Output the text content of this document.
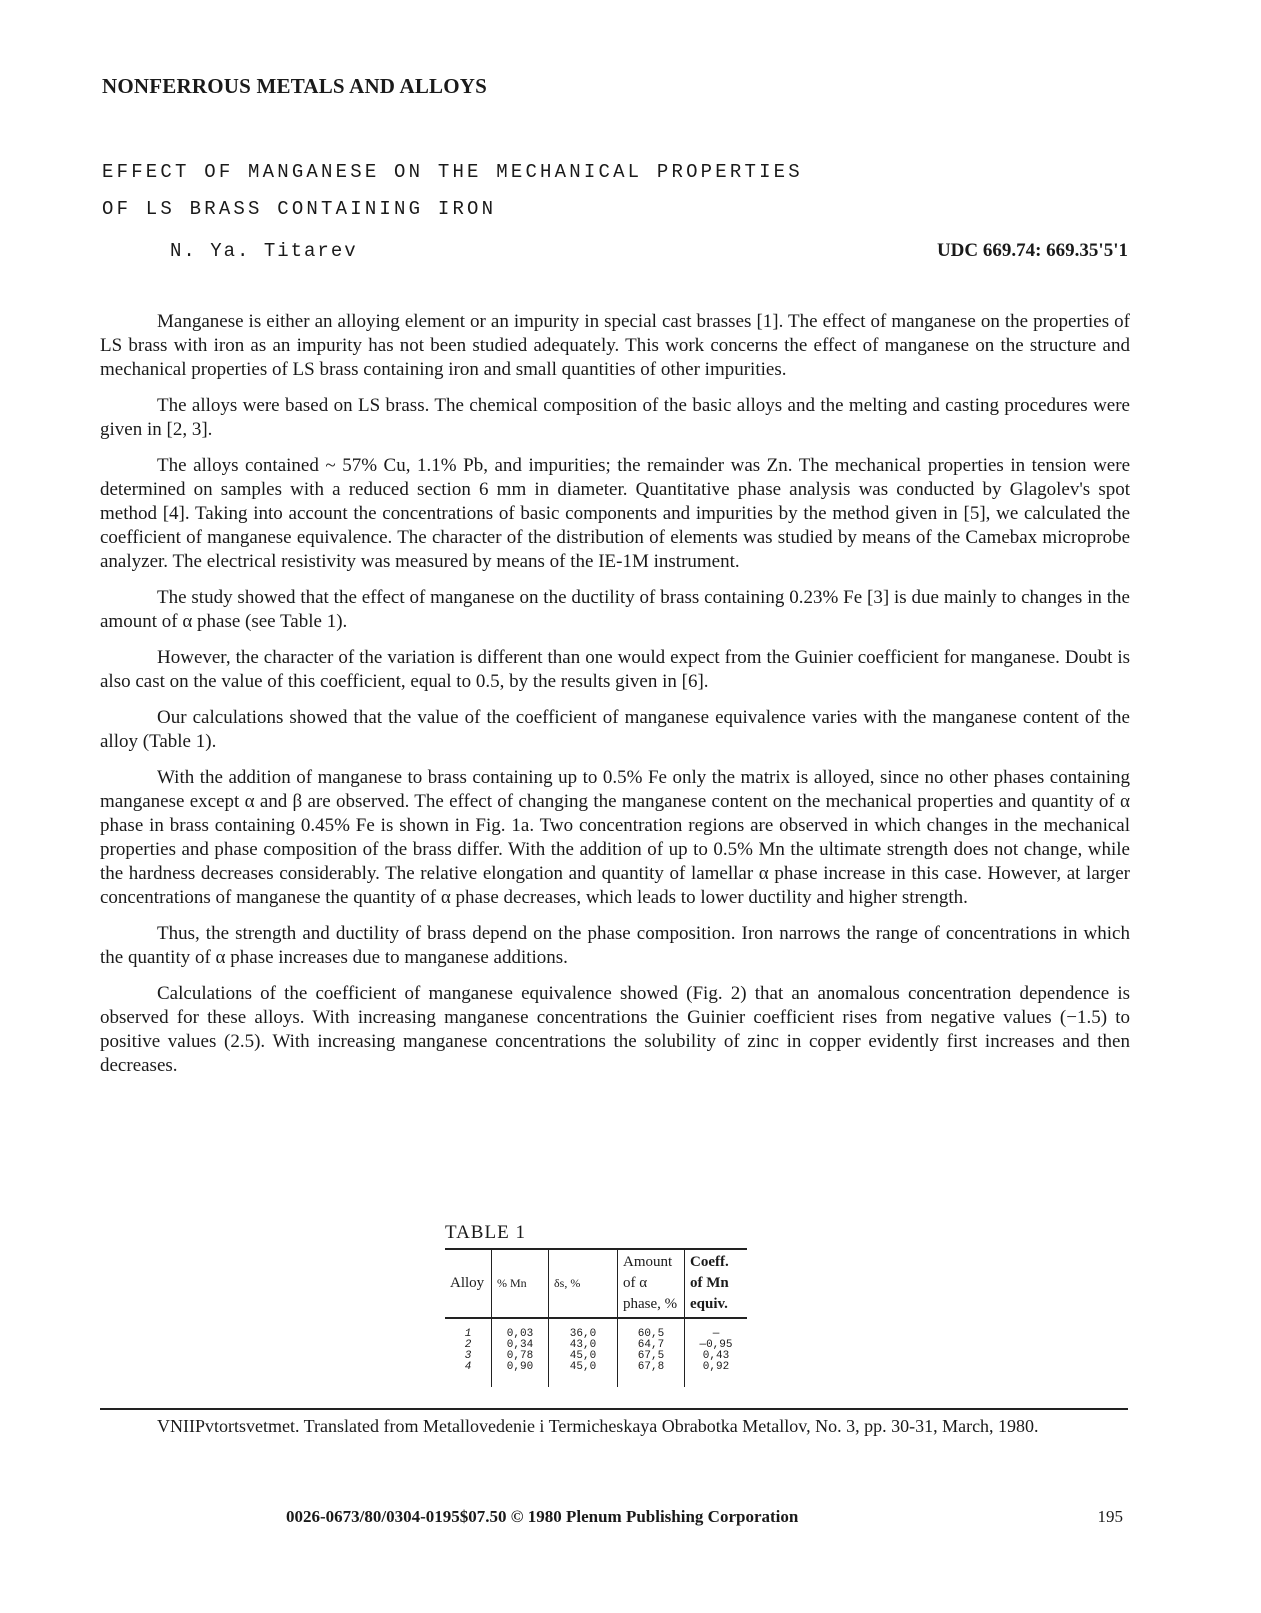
NONFERROUS METALS AND ALLOYS
EFFECT OF MANGANESE ON THE MECHANICAL PROPERTIES
OF LS BRASS CONTAINING IRON
N. Ya. Titarev	UDC 669.74: 669.35'5'1

Manganese is either an alloying element or an impurity in special cast brasses [1]. The effect of manganese on the properties of LS brass with iron as an impurity has not been studied adequately. This work concerns the effect of manganese on the structure and mechanical properties of LS brass containing iron and small quantities of other impurities.

The alloys were based on LS brass. The chemical composition of the basic alloys and the melting and casting procedures were given in [2, 3].

The alloys contained ~ 57% Cu, 1.1% Pb, and impurities; the remainder was Zn. The mechanical properties in tension were determined on samples with a reduced section 6 mm in diameter. Quantitative phase analysis was conducted by Glagolev's spot method [4]. Taking into account the concentrations of basic components and impurities by the method given in [5], we calculated the coefficient of manganese equivalence. The character of the distribution of elements was studied by means of the Camebax microprobe analyzer. The electrical resistivity was measured by means of the IE-1M instrument.

The study showed that the effect of manganese on the ductility of brass containing 0.23% Fe [3] is due mainly to changes in the amount of α phase (see Table 1).

However, the character of the variation is different than one would expect from the Guinier coefficient for manganese. Doubt is also cast on the value of this coefficient, equal to 0.5, by the results given in [6].

Our calculations showed that the value of the coefficient of manganese equivalence varies with the manganese content of the alloy (Table 1).

With the addition of manganese to brass containing up to 0.5% Fe only the matrix is alloyed, since no other phases containing manganese except α and β are observed. The effect of changing the manganese content on the mechanical properties and quantity of α phase in brass containing 0.45% Fe is shown in Fig. 1a. Two concentration regions are observed in which changes in the mechanical properties and phase composition of the brass differ. With the addition of up to 0.5% Mn the ultimate strength does not change, while the hardness decreases considerably. The relative elongation and quantity of lamellar α phase increase in this case. However, at larger concentrations of manganese the quantity of α phase decreases, which leads to lower ductility and higher strength.

Thus, the strength and ductility of brass depend on the phase composition. Iron narrows the range of concentrations in which the quantity of α phase increases due to manganese additions.

Calculations of the coefficient of manganese equivalence showed (Fig. 2) that an anomalous concentration dependence is observed for these alloys. With increasing manganese concentrations the Guinier coefficient rises from negative values (−1.5) to positive values (2.5). With increasing manganese concentrations the solubility of zinc in copper evidently first increases and then decreases.

TABLE 1
Alloy	% Mn	δs, %	Amount of α phase, %	Coeff. of Mn equiv.
1	0,03	36,0	60,5	—
2	0,34	43,0	64,7	—0,95
3	0,78	45,0	67,5	0,43
4	0,90	45,0	67,8	0,92
VNIIPvtortsvetmet. Translated from Metallovedenie i Termicheskaya Obrabotka Metallov, No. 3, pp. 30-31, March, 1980.
0026-0673/80/0304-0195$07.50 © 1980 Plenum Publishing Corporation	195
